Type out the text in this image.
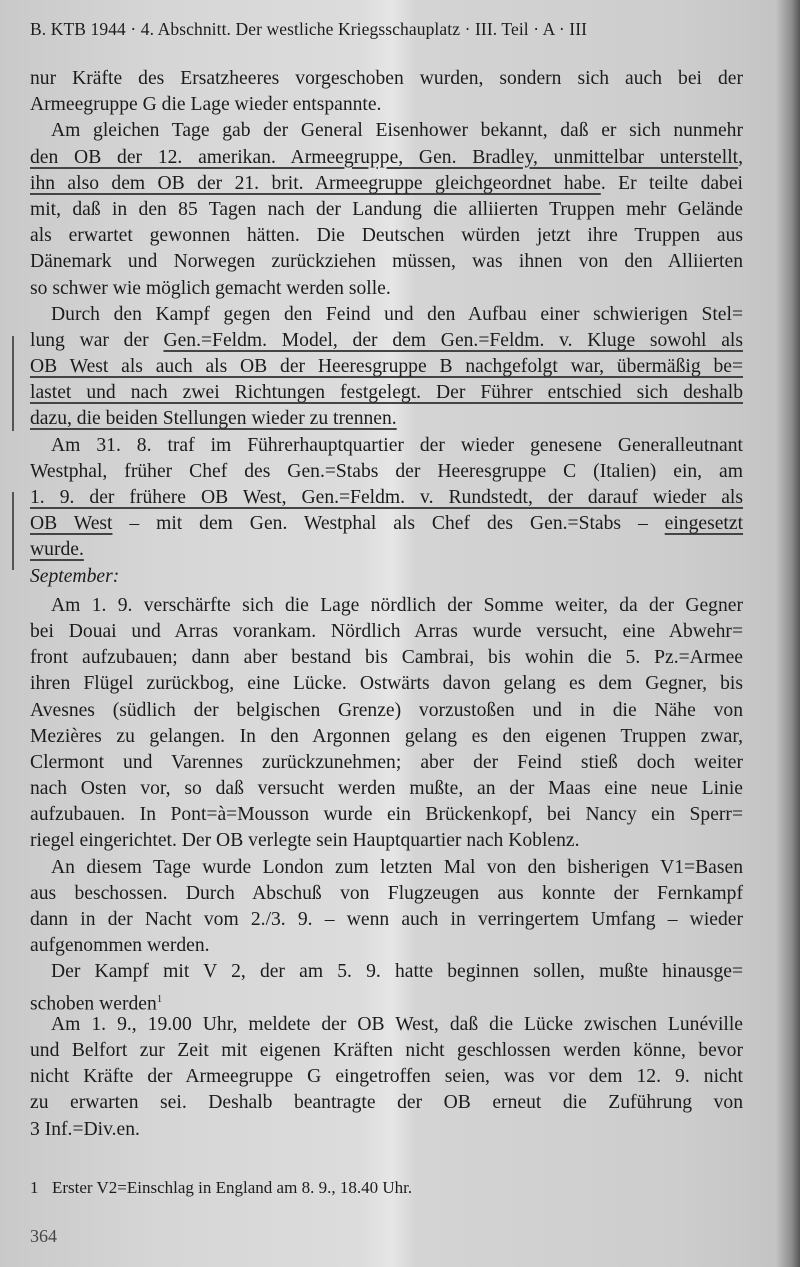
B. KTB 1944 · 4. Abschnitt. Der westliche Kriegsschauplatz · III. Teil · A · III
nur Kräfte des Ersatzheeres vorgeschoben wurden, sondern sich auch bei der
Armeegruppe G die Lage wieder entspannte.
Am gleichen Tage gab der General Eisenhower bekannt, daß er sich nunmehr
den OB der 12. amerikan. Armeegruppe, Gen. Bradley, unmittelbar unterstellt,
ihn also dem OB der 21. brit. Armeegruppe gleichgeordnet habe. Er teilte dabei
mit, daß in den 85 Tagen nach der Landung die alliierten Truppen mehr Gelände
als erwartet gewonnen hätten. Die Deutschen würden jetzt ihre Truppen aus
Dänemark und Norwegen zurückziehen müssen, was ihnen von den Alliierten
so schwer wie möglich gemacht werden solle.
Durch den Kampf gegen den Feind und den Aufbau einer schwierigen Stel=
lung war der Gen.=Feldm. Model, der dem Gen.=Feldm. v. Kluge sowohl als
OB West als auch als OB der Heeresgruppe B nachgefolgt war, übermäßig be=
lastet und nach zwei Richtungen festgelegt. Der Führer entschied sich deshalb
dazu, die beiden Stellungen wieder zu trennen.
Am 31. 8. traf im Führerhauptquartier der wieder genesene Generalleutnant
Westphal, früher Chef des Gen.=Stabs der Heeresgruppe C (Italien) ein, am
1. 9. der frühere OB West, Gen.=Feldm. v. Rundstedt, der darauf wieder als
OB West – mit dem Gen. Westphal als Chef des Gen.=Stabs – eingesetzt
wurde.
September:
Am 1. 9. verschärfte sich die Lage nördlich der Somme weiter, da der Gegner
bei Douai und Arras vorankam. Nördlich Arras wurde versucht, eine Abwehr=
front aufzubauen; dann aber bestand bis Cambrai, bis wohin die 5. Pz.=Armee
ihren Flügel zurückbog, eine Lücke. Ostwärts davon gelang es dem Gegner, bis
Avesnes (südlich der belgischen Grenze) vorzustoßen und in die Nähe von
Mezières zu gelangen. In den Argonnen gelang es den eigenen Truppen zwar,
Clermont und Varennes zurückzunehmen; aber der Feind stieß doch weiter
nach Osten vor, so daß versucht werden mußte, an der Maas eine neue Linie
aufzubauen. In Pont=à=Mousson wurde ein Brückenkopf, bei Nancy ein Sperr=
riegel eingerichtet. Der OB verlegte sein Hauptquartier nach Koblenz.
An diesem Tage wurde London zum letzten Mal von den bisherigen V1=Basen
aus beschossen. Durch Abschuß von Flugzeugen aus konnte der Fernkampf
dann in der Nacht vom 2./3. 9. – wenn auch in verringertem Umfang – wieder
aufgenommen werden.
Der Kampf mit V 2, der am 5. 9. hatte beginnen sollen, mußte hinausge=
schoben werden$^1$
Am 1. 9., 19.00 Uhr, meldete der OB West, daß die Lücke zwischen Lunéville
und Belfort zur Zeit mit eigenen Kräften nicht geschlossen werden könne, bevor
nicht Kräfte der Armeegruppe G eingetroffen seien, was vor dem 12. 9. nicht
zu erwarten sei. Deshalb beantragte der OB erneut die Zuführung von
3 Inf.=Div.en.
1 Erster V2=Einschlag in England am 8. 9., 18.40 Uhr.
364
